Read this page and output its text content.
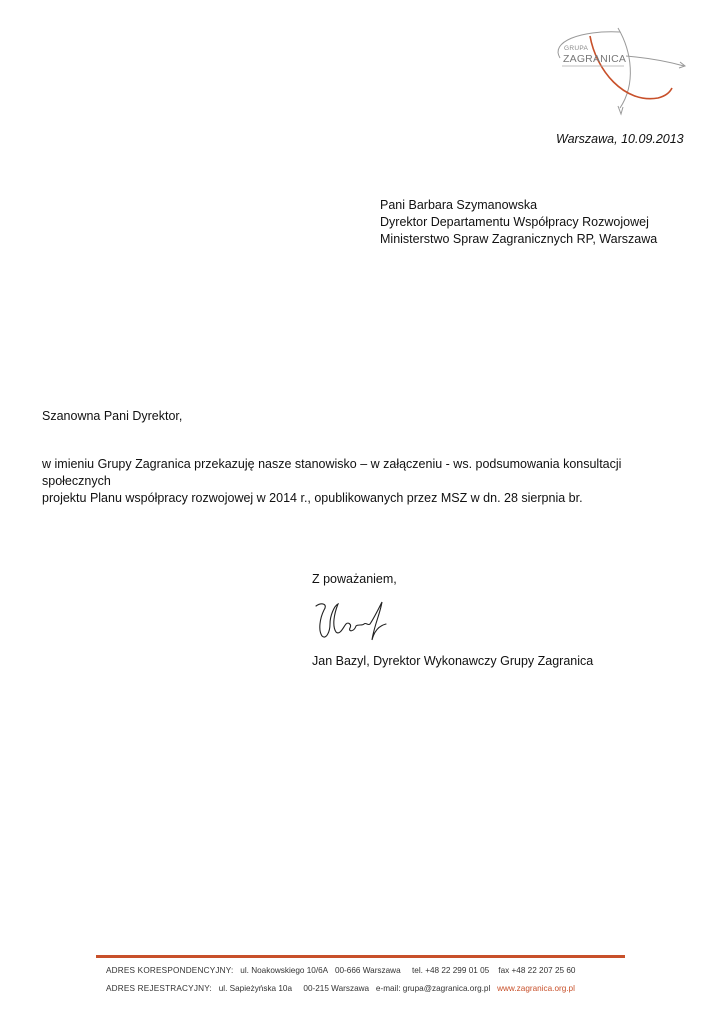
GRUPA
ZAGRANICA
Warszawa, 10.09.2013
Pani Barbara Szymanowska
Dyrektor Departamentu Współpracy Rozwojowej
Ministerstwo Spraw Zagranicznych RP, Warszawa
Szanowna Pani Dyrektor,
w imieniu Grupy Zagranica przekazuję nasze stanowisko – w załączeniu - ws. podsumowania konsultacji społecznych
projektu Planu współpracy rozwojowej w 2014 r., opublikowanych przez MSZ w dn. 28 sierpnia br.
Z poważaniem,
Jan Bazyl, Dyrektor Wykonawczy Grupy Zagranica
ADRES KORESPONDENCYJNY: ul. Noakowskiego 10/6A 00-666 Warszawa tel. +48 22 299 01 05 fax +48 22 207 25 60
ADRES REJESTRACYJNY: ul. Sapieżyńska 10a 00-215 Warszawa e-mail: grupa@zagranica.org.pl www.zagranica.org.pl
